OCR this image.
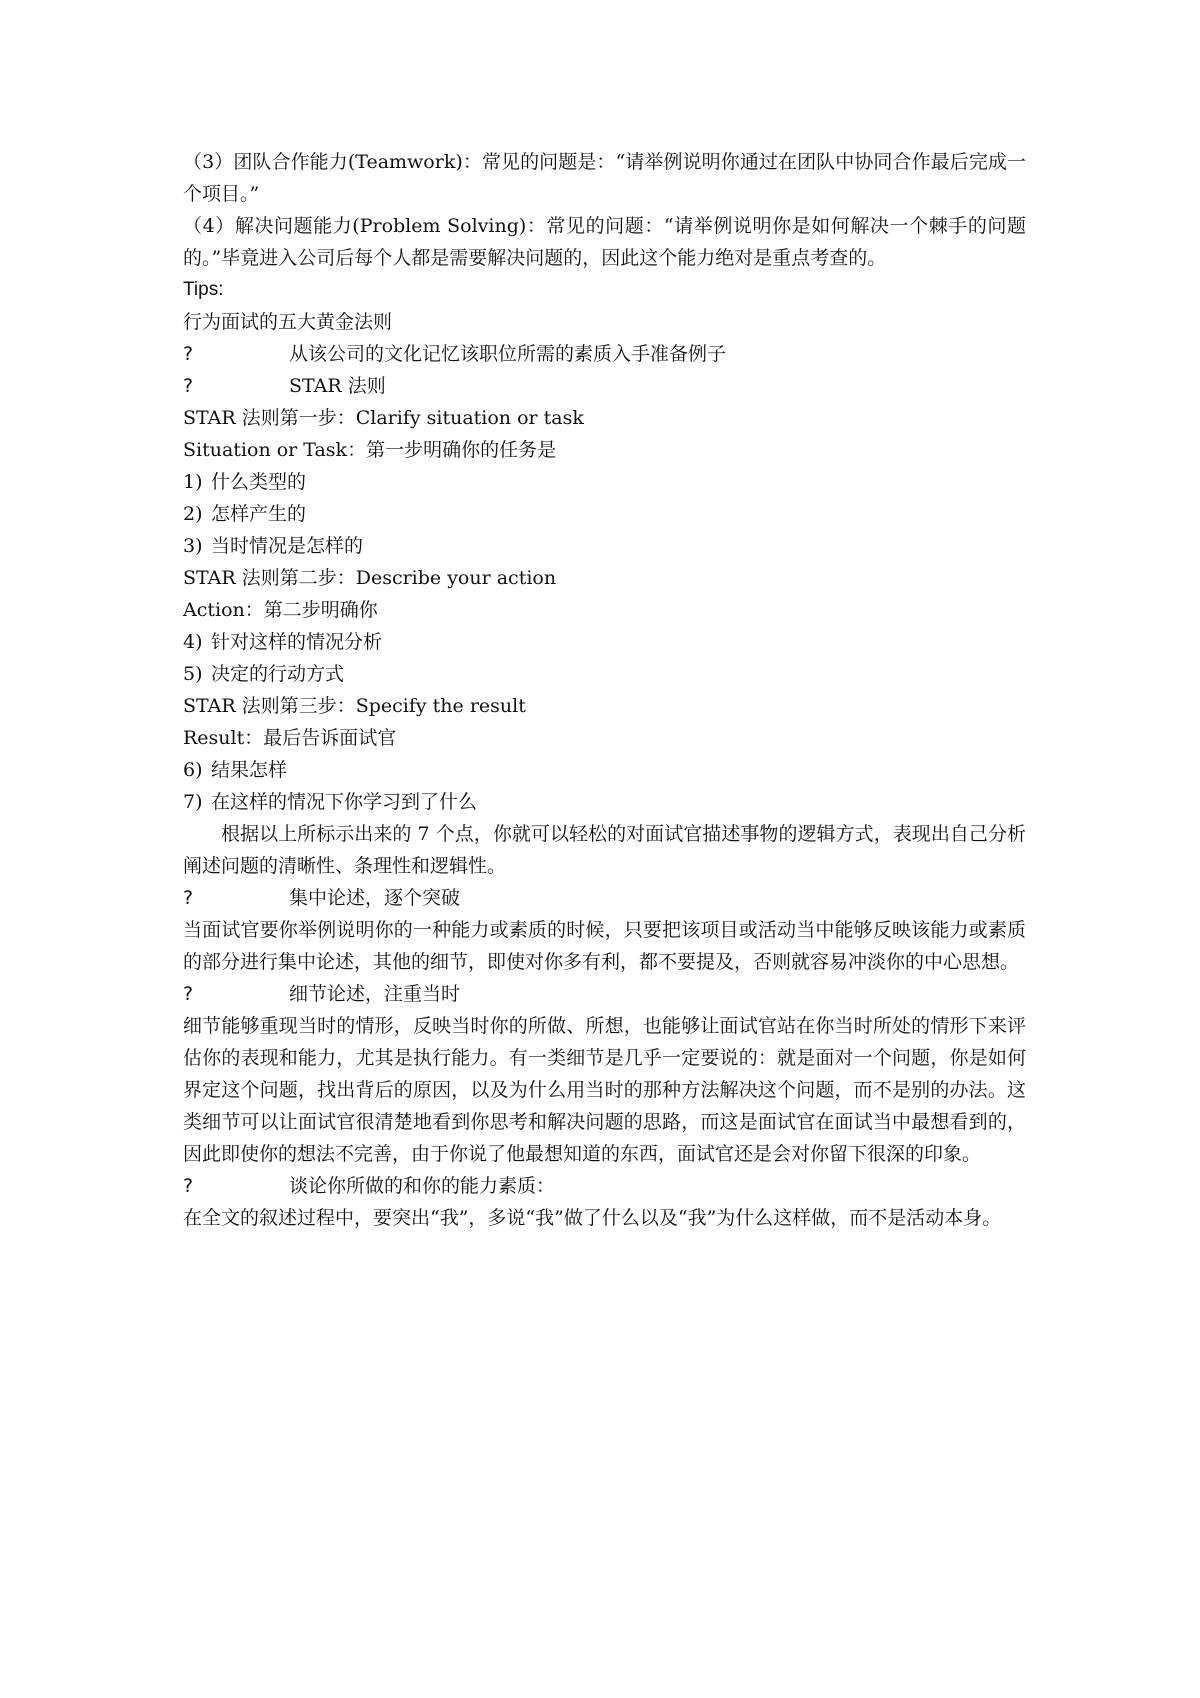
（3）团队合作能力(Teamwork)：常见的问题是：“请举例说明你通过在团队中协同合作最后完成一个项目。”
（4）解决问题能力(Problem Solving)：常见的问题：“请举例说明你是如何解决一个棘手的问题的。”毕竟进入公司后每个人都是需要解决问题的，因此这个能力绝对是重点考查的。
Tips:
行为面试的五大黄金法则
?	从该公司的文化记忆该职位所需的素质入手准备例子
?	STAR 法则
STAR 法则第一步：Clarify situation or task
Situation or Task：第一步明确你的任务是
1) 什么类型的
2) 怎样产生的
3) 当时情况是怎样的
STAR 法则第二步：Describe your action
Action：第二步明确你
4) 针对这样的情况分析
5) 决定的行动方式
STAR 法则第三步：Specify the result
Result：最后告诉面试官
6) 结果怎样
7) 在这样的情况下你学习到了什么
根据以上所标示出来的 7 个点，你就可以轻松的对面试官描述事物的逻辑方式，表现出自己分析阐述问题的清晰性、条理性和逻辑性。
?	集中论述，逐个突破
当面试官要你举例说明你的一种能力或素质的时候，只要把该项目或活动当中能够反映该能力或素质的部分进行集中论述，其他的细节，即使对你多有利，都不要提及，否则就容易冲淡你的中心思想。
?	细节论述，注重当时
细节能够重现当时的情形，反映当时你的所做、所想，也能够让面试官站在你当时所处的情形下来评估你的表现和能力，尤其是执行能力。有一类细节是几乎一定要说的：就是面对一个问题，你是如何界定这个问题，找出背后的原因，以及为什么用当时的那种方法解决这个问题，而不是别的办法。这类细节可以让面试官很清楚地看到你思考和解决问题的思路，而这是面试官在面试当中最想看到的，因此即使你的想法不完善，由于你说了他最想知道的东西，面试官还是会对你留下很深的印象。
?	谈论你所做的和你的能力素质：
在全文的叙述过程中，要突出“我”，多说“我”做了什么以及“我”为什么这样做，而不是活动本身。
